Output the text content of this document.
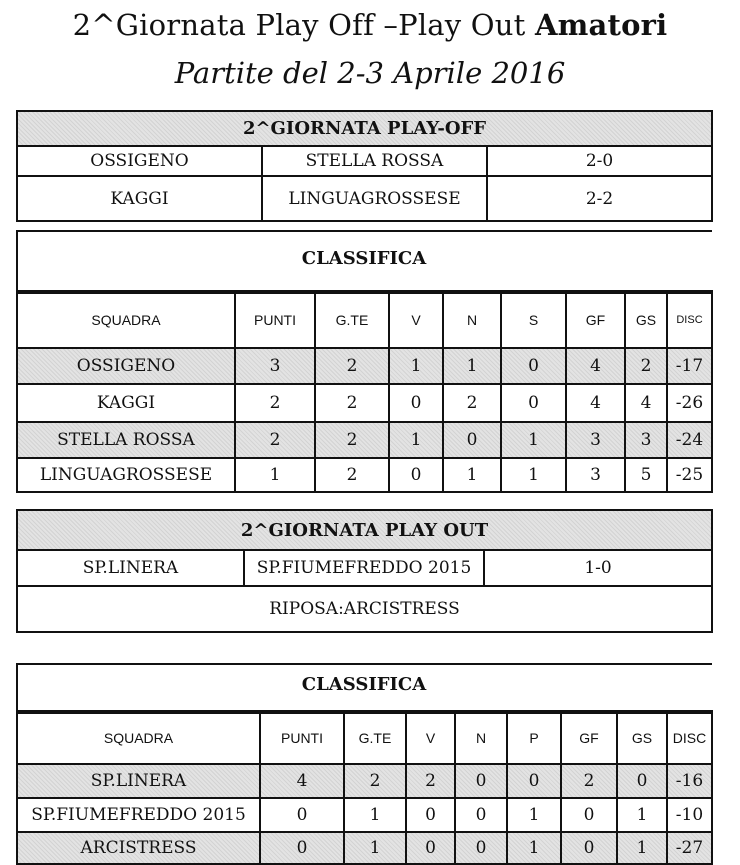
2^Giornata Play Off –Play Out Amatori
Partite del 2-3 Aprile 2016
2^GIORNATA PLAY-OFF		
OSSIGENO	STELLA ROSSA	2-0
KAGGI	LINGUAGROSSESE	2-2
CLASSIFICA
SQUADRA	PUNTI	G.TE	V	N	S	GF	GS	DISC
OSSIGENO	3	2	1	1	0	4	2	-17
KAGGI	2	2	0	2	0	4	4	-26
STELLA ROSSA	2	2	1	0	1	3	3	-24
LINGUAGROSSESE	1	2	0	1	1	3	5	-25
2^GIORNATA PLAY OUT
SP.LINERA	SP.FIUMEFREDDO 2015	1-0
RIPOSA:ARCISTRESS
CLASSIFICA
SQUADRA	PUNTI	G.TE	V	N	P	GF	GS	DISC
SP.LINERA	4	2	2	0	0	2	0	-16
SP.FIUMEFREDDO 2015	0	1	0	0	1	0	1	-10
ARCISTRESS	0	1	0	0	1	0	1	-27
